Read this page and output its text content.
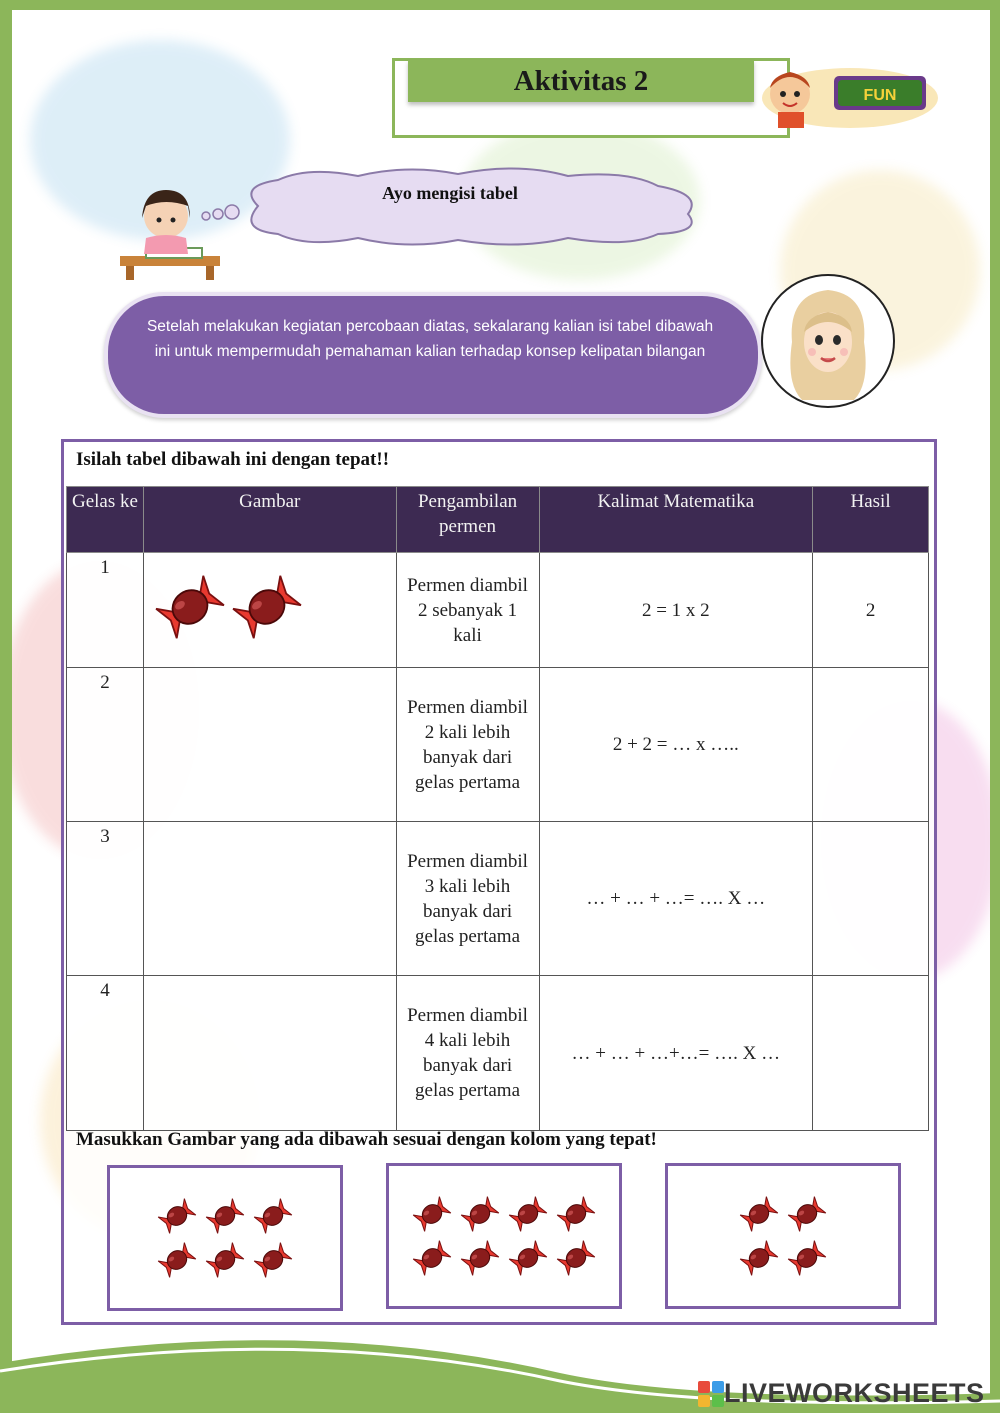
Aktivitas 2	FUN
Ayo mengisi tabel
Setelah melakukan kegiatan percobaan diatas, sekalarang kalian isi tabel dibawah ini untuk mempermudah pemahaman kalian terhadap konsep kelipatan bilangan
Isilah tabel dibawah ini dengan tepat!!
Gelas ke	Gambar	Pengambilan permen	Kalimat Matematika	Hasil
1		Permen diambil 2 sebanyak 1 kali	2 = 1 x 2	2
2		Permen diambil 2 kali lebih banyak dari gelas pertama	2 + 2 = … x …..	
3		Permen diambil 3 kali lebih banyak dari gelas pertama	… + … + …= …. X …	
4		Permen diambil 4 kali lebih banyak dari gelas pertama	… + … + …+…= …. X …	
Masukkan Gambar yang ada dibawah sesuai dengan kolom yang tepat!
LIVEWORKSHEETS
